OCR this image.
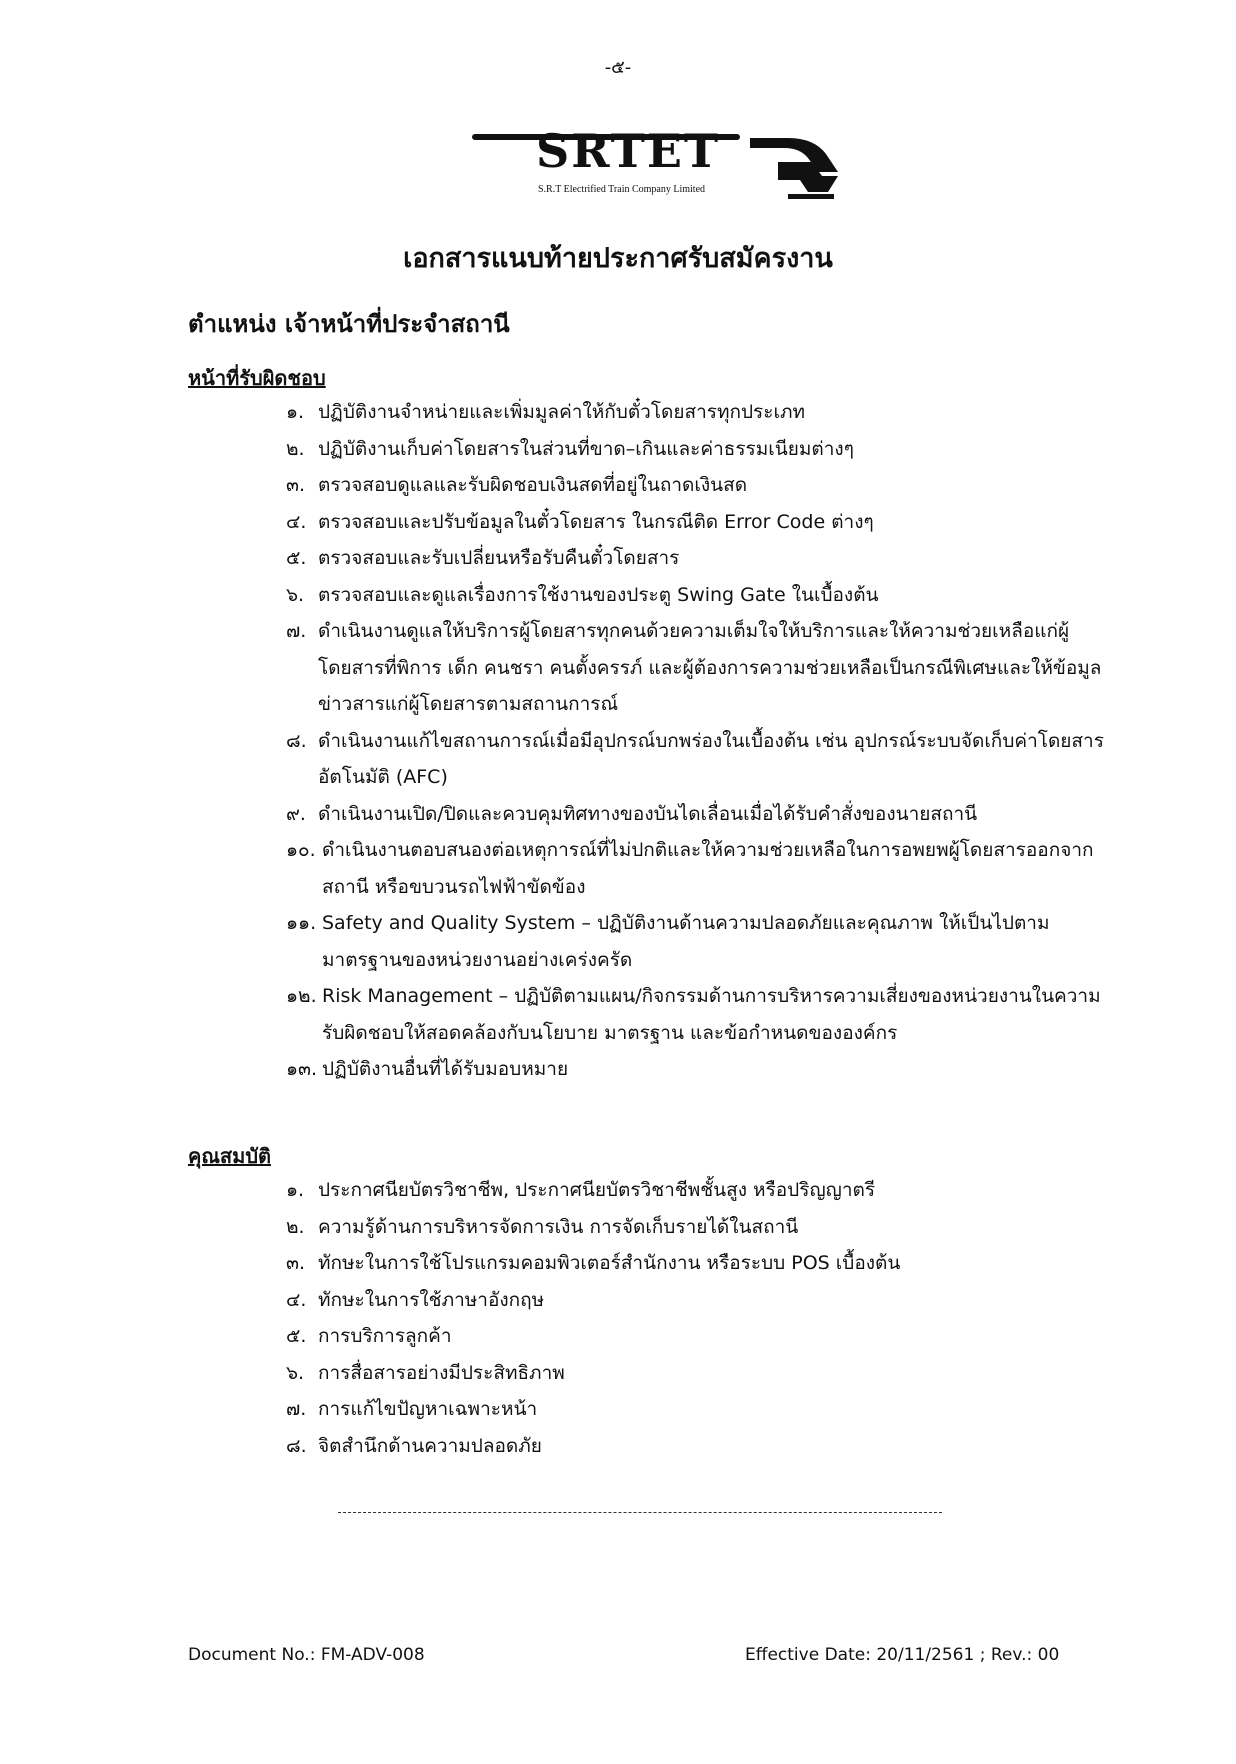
-๕-
SRTET
S.R.T Electrified Train Company Limited
เอกสารแนบท้ายประกาศรับสมัครงาน
ตำแหน่ง เจ้าหน้าที่ประจำสถานี
หน้าที่รับผิดชอบ
๑. ปฏิบัติงานจำหน่ายและเพิ่มมูลค่าให้กับตั๋วโดยสารทุกประเภท
๒. ปฏิบัติงานเก็บค่าโดยสารในส่วนที่ขาด–เกินและค่าธรรมเนียมต่างๆ
๓. ตรวจสอบดูแลและรับผิดชอบเงินสดที่อยู่ในถาดเงินสด
๔. ตรวจสอบและปรับข้อมูลในตั๋วโดยสาร ในกรณีติด Error Code ต่างๆ
๕. ตรวจสอบและรับเปลี่ยนหรือรับคืนตั๋วโดยสาร
๖. ตรวจสอบและดูแลเรื่องการใช้งานของประตู Swing Gate ในเบื้องต้น
๗. ดำเนินงานดูแลให้บริการผู้โดยสารทุกคนด้วยความเต็มใจให้บริการและให้ความช่วยเหลือแก่ผู้โดยสารที่พิการ เด็ก คนชรา คนตั้งครรภ์ และผู้ต้องการความช่วยเหลือเป็นกรณีพิเศษและให้ข้อมูลข่าวสารแก่ผู้โดยสารตามสถานการณ์
๘. ดำเนินงานแก้ไขสถานการณ์เมื่อมีอุปกรณ์บกพร่องในเบื้องต้น เช่น อุปกรณ์ระบบจัดเก็บค่าโดยสารอัตโนมัติ (AFC)
๙. ดำเนินงานเปิด/ปิดและควบคุมทิศทางของบันไดเลื่อนเมื่อได้รับคำสั่งของนายสถานี
๑๐. ดำเนินงานตอบสนองต่อเหตุการณ์ที่ไม่ปกติและให้ความช่วยเหลือในการอพยพผู้โดยสารออกจากสถานี หรือขบวนรถไฟฟ้าขัดข้อง
๑๑. Safety and Quality System – ปฏิบัติงานด้านความปลอดภัยและคุณภาพ ให้เป็นไปตามมาตรฐานของหน่วยงานอย่างเคร่งครัด
๑๒. Risk Management – ปฏิบัติตามแผน/กิจกรรมด้านการบริหารความเสี่ยงของหน่วยงานในความรับผิดชอบให้สอดคล้องกับนโยบาย มาตรฐาน และข้อกำหนดขององค์กร
๑๓. ปฏิบัติงานอื่นที่ได้รับมอบหมาย
คุณสมบัติ
๑. ประกาศนียบัตรวิชาชีพ, ประกาศนียบัตรวิชาชีพชั้นสูง หรือปริญญาตรี
๒. ความรู้ด้านการบริหารจัดการเงิน การจัดเก็บรายได้ในสถานี
๓. ทักษะในการใช้โปรแกรมคอมพิวเตอร์สำนักงาน หรือระบบ POS เบื้องต้น
๔. ทักษะในการใช้ภาษาอังกฤษ
๕. การบริการลูกค้า
๖. การสื่อสารอย่างมีประสิทธิภาพ
๗. การแก้ไขปัญหาเฉพาะหน้า
๘. จิตสำนึกด้านความปลอดภัย
Document No.: FM-ADV-008	Effective Date: 20/11/2561 ; Rev.: 00
